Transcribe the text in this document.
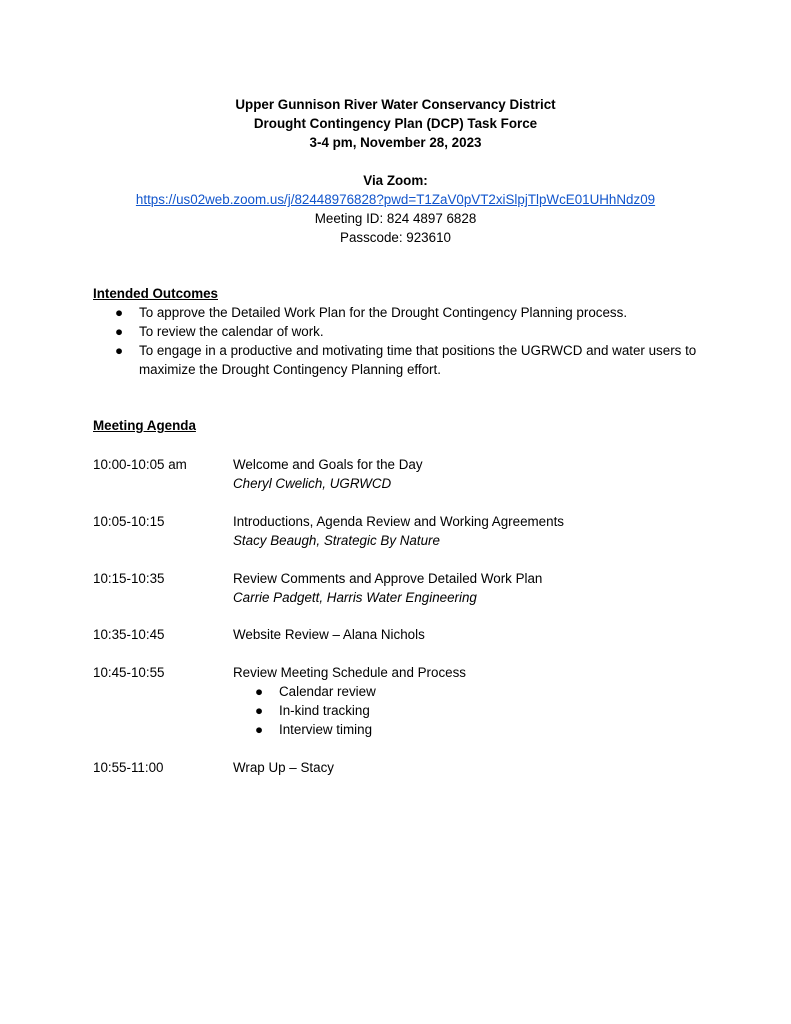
Upper Gunnison River Water Conservancy District
Drought Contingency Plan (DCP) Task Force
3-4 pm, November 28, 2023
Via Zoom:
https://us02web.zoom.us/j/82448976828?pwd=T1ZaV0pVT2xiSlpjTlpWcE01UHhNdz09
Meeting ID: 824 4897 6828
Passcode: 923610
Intended Outcomes
● To approve the Detailed Work Plan for the Drought Contingency Planning process.
● To review the calendar of work.
● To engage in a productive and motivating time that positions the UGRWCD and water users to maximize the Drought Contingency Planning effort.
Meeting Agenda
10:00-10:05 am	Welcome and Goals for the Day
Cheryl Cwelich, UGRWCD
10:05-10:15	Introductions, Agenda Review and Working Agreements
Stacy Beaugh, Strategic By Nature
10:15-10:35	Review Comments and Approve Detailed Work Plan
Carrie Padgett, Harris Water Engineering
10:35-10:45	Website Review – Alana Nichols
10:45-10:55	Review Meeting Schedule and Process
● Calendar review
● In-kind tracking
● Interview timing
10:55-11:00	Wrap Up – Stacy
